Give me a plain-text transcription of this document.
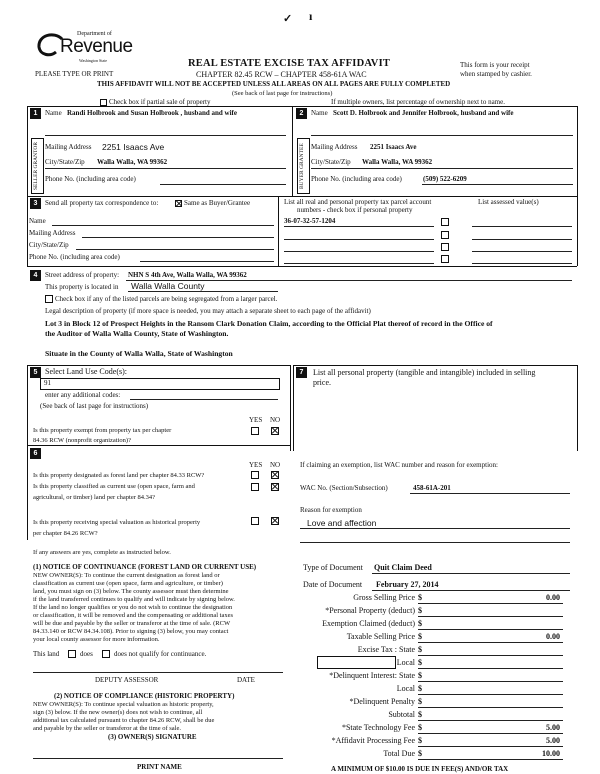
✓ ı
Department of
Revenue
Washington State
PLEASE TYPE OR PRINT
REAL ESTATE EXCISE TAX AFFIDAVIT
CHAPTER 82.45 RCW – CHAPTER 458-61A WAC
THIS AFFIDAVIT WILL NOT BE ACCEPTED UNLESS ALL AREAS ON ALL PAGES ARE FULLY COMPLETED
(See back of last page for instructions)
This form is your receipt
when stamped by cashier.
Check box if partial sale of property	If multiple owners, list percentage of ownership next to name.
1	Name Randi Holbrook and Susan Holbrook , husband and wife
SELLER GRANTOR Mailing Address 2251 Isaacs Ave
City/State/Zip Walla Walla, WA 99362
Phone No. (including area code)
2	Name Scott D. Holbrook and Jennifer Holbrook, husband and wife
BUYER GRANTEE Mailing Address 2251 Isaacs Ave
City/State/Zip Walla Walla, WA 99362
Phone No. (including area code)	(509) 522-6209
3	Send all property tax correspondence to:	Same as Buyer/Grantee
Name
Mailing Address
City/State/Zip
Phone No. (including area code)
List all real and personal property tax parcel account
numbers - check box if personal property
List assessed value(s)
36-07-32-57-1204
4	Street address of property: NHN S 4th Ave, Walla Walla, WA 99362
This property is located in Walla Walla County
Check box if any of the listed parcels are being segregated from a larger parcel.
Legal description of property (if more space is needed, you may attach a separate sheet to each page of the affidavit)
Lot 3 in Block 12 of Prospect Heights in the Ransom Clark Donation Claim, according to the Official Plat thereof of record in the Office of
the Auditor of Walla Walla County, State of Washington.
Situate in the County of Walla Walla, State of Washington
5 Select Land Use Code(s):
91
enter any additional codes:
(See back of last page for instructions)
YES NO
Is this property exempt from property tax per chapter
84.36 RCW (nonprofit organization)?
6
YES NO
Is this property designated as forest land per chapter 84.33 RCW?
Is this property classified as current use (open space, farm and
agricultural, or timber) land per chapter 84.34?
Is this property receiving special valuation as historical property
per chapter 84.26 RCW?
If any answers are yes, complete as instructed below.
(1) NOTICE OF CONTINUANCE (FOREST LAND OR CURRENT USE)
NEW OWNER(S): To continue the current designation as forest land or
classification as current use (open space, farm and agriculture, or timber)
land, you must sign on (3) below. The county assessor must then determine
if the land transferred continues to qualify and will indicate by signing below.
If the land no longer qualifies or you do not wish to continue the designation
or classification, it will be removed and the compensating or additional taxes
will be due and payable by the seller or transferor at the time of sale. (RCW
84.33.140 or RCW 84.34.108). Prior to signing (3) below, you may contact
your local county assessor for more information.
This land	does	does not qualify for continuance.
DEPUTY ASSESSOR	DATE
(2) NOTICE OF COMPLIANCE (HISTORIC PROPERTY)
NEW OWNER(S): To continue special valuation as historic property,
sign (3) below. If the new owner(s) does not wish to continue, all
additional tax calculated pursuant to chapter 84.26 RCW, shall be due
and payable by the seller or transferor at the time of sale.
(3) OWNER(S) SIGNATURE
PRINT NAME
7	List all personal property (tangible and intangible) included in selling
price.
If claiming an exemption, list WAC number and reason for exemption:
WAC No. (Section/Subsection)	458-61A-201
Reason for exemption
Love and affection
Type of Document Quit Claim Deed
Date of Document February 27, 2014
Gross Selling Price $	0.00
*Personal Property (deduct) $
Exemption Claimed (deduct) $
Taxable Selling Price $	0.00
Excise Tax : State $
Local $
*Delinquent Interest: State $
Local $
*Delinquent Penalty $
Subtotal $
*State Technology Fee $	5.00
*Affidavit Processing Fee $	5.00
Total Due $	10.00
A MINIMUM OF $10.00 IS DUE IN FEE(S) AND/OR TAX
